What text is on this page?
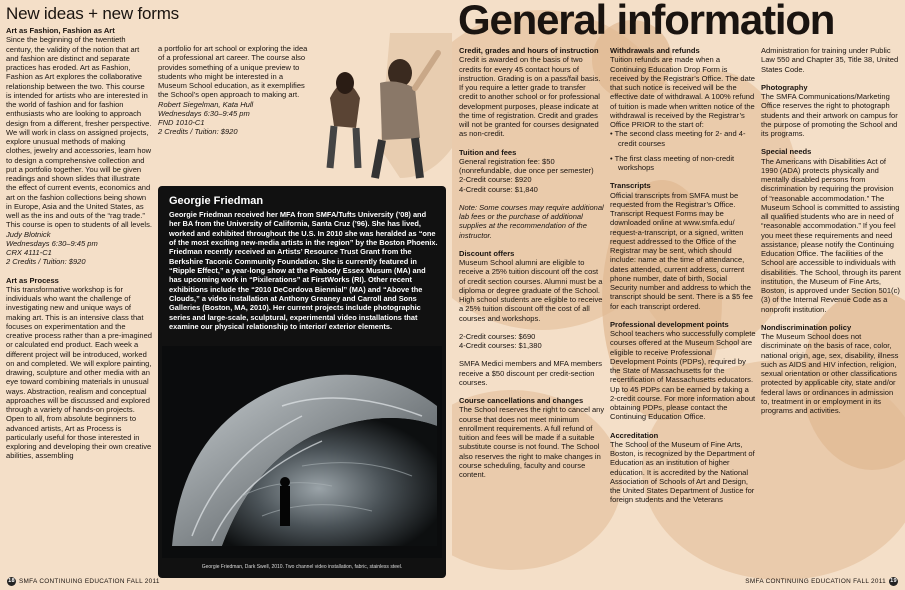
New ideas + new forms
Art as Fashion, Fashion as Art

Since the beginning of the twentieth century, the validity of the notion that art and fashion are distinct and separate practices has eroded. Art as Fashion, Fashion as Art explores the collaborative relationship between the two. This course is intended for artists who are interested in the world of fashion and for fashion enthusiasts who are looking to approach design from a different, fresher perspective. We will work in class on assigned projects, explore unusual methods of making clothes, jewelry and accessories, learn how to design a comprehensive collection and put a portfolio together. You will be given readings and shown slides that illustrate the effect of current events, economics and art on the fashion collections being shown in Europe, Asia and the United States, as well as the ins and outs of the “rag trade.” This course is open to students of all levels.

Judy Blotnick

Wednesdays 6:30–9:45 pm

CRX 4111-C1

2 Credits / Tuition: $920

Art as Process

This transformative workshop is for individuals who want the challenge of investigating new and unique ways of making art. This is an intensive class that focuses on experimentation and the creative process rather than a pre-imagined or calculated end product. Each week a different project will be introduced, worked on and completed. We will explore painting, drawing, sculpture and other media with an eye toward combining materials in unusual ways. Abstraction, realism and conceptual approaches will be discussed and explored through a variety of hands-on projects. Open to all, from absolute beginners to advanced artists, Art as Process is particularly useful for those interested in exploring and developing their own creative abilities, assembling

a portfolio for art school or exploring the idea of a professional art career. The course also provides something of a unique preview to students who might be interested in a Museum School education, as it exemplifies the School’s open approach to making art.

Robert Siegelman, Kata Hull

Wednesdays 6:30–9:45 pm

FND 1010-C1

2 Credits / Tuition: $920

Georgie Friedman
Georgie Friedman received her MFA from SMFA/Tufts University (’08) and her BA from the University of California, Santa Cruz (’96). She has lived, worked and exhibited throughout the U.S. In 2010 she was heralded as “one of the most exciting new-media artists in the region” by the Boston Phoenix. Friedman recently received an Artists’ Resource Trust Grant from the Berkshire Taconic Community Foundation. She is currently featured in “Ripple Effect,” a year-long show at the Peabody Essex Musum (MA) and has upcoming work in “Pixilerations” at FirstWorks (RI). Other recent exhibitions include the “2010 DeCordova Biennial” (MA) and “Above the Clouds,” a video installation at Anthony Greaney and Carroll and Sons Galleries (Boston, MA, 2010). Her current projects include photographic series and large-scale, sculptural, experimental video installations that examine our physical relationship to interior/ exterior elements.
Georgie Friedman, Dark Swell, 2010. Two channel video installation, fabric, stainless steel.
General information
Credit, grades and hours of instruction

Credit is awarded on the basis of two credits for every 45 contact hours of instruction. Grading is on a pass/fail basis. If you require a letter grade to transfer credit to another school or for professional development purposes, please indicate at the time of registration. Credit and grades will not be granted for courses designated as non-credit.

Tuition and fees

General registration fee: $50

(nonrefundable, due once per semester)

2-Credit course: $920

4-Credit course: $1,840

Note: Some courses may require additional lab fees or the purchase of additional supplies at the recommendation of the instructor.

Discount offers

Museum School alumni are eligible to receive a 25% tuition discount off the cost of credit section courses. Alumni must be a diploma or degree graduate of the School. High school students are eligible to receive a 25% tuition discount off the cost of all courses and workshops.

2-Credit courses: $690

4-Credit courses: $1,380

SMFA Medici members and MFA members receive a $50 discount per credit-section courses.

Course cancellations and changes

The School reserves the right to cancel any course that does not meet minimum enrollment requirements. A full refund of tuition and fees will be made if a suitable substitute course is not found. The School also reserves the right to make changes in course scheduling, faculty and course content.

Withdrawals and refunds

Tuition refunds are made when a Continuing Education Drop Form is received by the Registrar’s Office. The date that such notice is received will be the effective date of withdrawal. A 100% refund of tuition is made when written notice of the withdrawal is received by the Registrar’s Office PRIOR to the start of:

• The second class meeting for 2- and 4-credit courses
• The first class meeting of non-credit workshops
Transcripts

Official transcripts from SMFA must be requested from the Registrar’s Office. Transcript Request Forms may be downloaded online at www.smfa.edu/ request-a-transcript, or a signed, written request addressed to the Office of the Registrar may be sent, which should include: name at the time of attendance, dates attended, current address, current phone number, date of birth, Social Security number and address to which the transcript should be sent. There is a $5 fee for each transcript ordered.

Professional development points

School teachers who successfully complete courses offered at the Museum School are eligible to receive Professional Development Points (PDPs), required by the State of Massachusetts for the recertification of Massachusetts educators. Up to 45 PDPs can be earned by taking a 2-credit course. For more information about obtaining PDPs, please contact the Continuing Education Office.

Accreditation

The School of the Museum of Fine Arts, Boston, is recognized by the Department of Education as an institution of higher education. It is accredited by the National Association of Schools of Art and Design, the United States Department of Justice for foreign students and the Veterans

Administration for training under Public Law 550 and Chapter 35, Title 38, United States Code.

Photography

The SMFA Communications/Marketing Office reserves the right to photograph students and their artwork on campus for the purpose of promoting the School and its programs.

Special needs

The Americans with Disabilities Act of 1990 (ADA) protects physically and mentally disabled persons from discrimination by requiring the provision of “reasonable accommodation.” The Museum School is committed to assisting all qualified students who are in need of “reasonable accommodation.” If you feel you meet these requirements and need assistance, please notify the Continuing Education Office. The facilities of the School are accessible to individuals with disabilities. The School, through its parent institution, the Museum of Fine Arts, Boston, is approved under Section 501(c)(3) of the Internal Revenue Code as a nonprofit institution.

Nondiscrimination policy

The Museum School does not discriminate on the basis of race, color, national origin, age, sex, disability, illness such as AIDS and HIV infection, religion, sexual orientation or other classifications protected by applicable city, state and/or federal laws or ordinances in admission to, treatment in or employment in its programs and activities.

18 SMFA CONTINUING EDUCATION FALL 2011	SMFA CONTINUING EDUCATION FALL 2011 19
